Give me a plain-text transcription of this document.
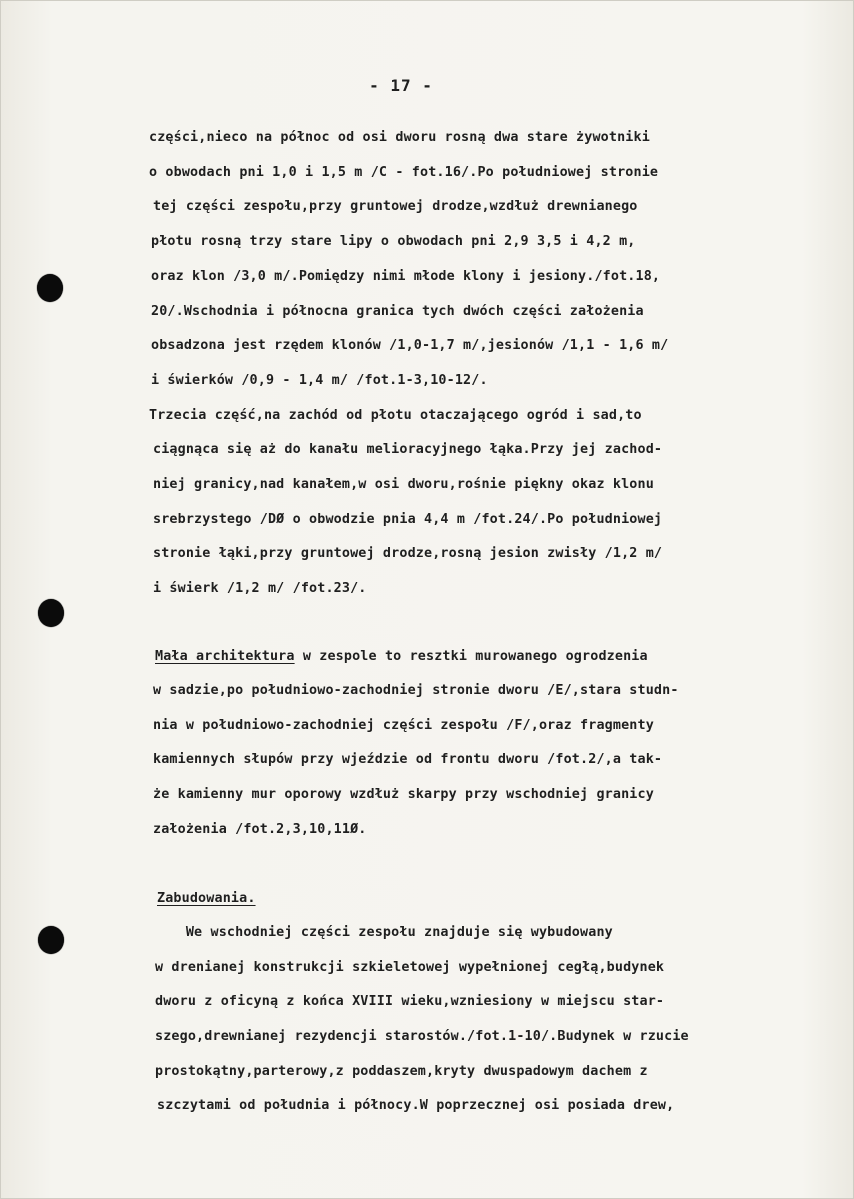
- 17 -
części,nieco na północ od osi dworu rosną dwa stare żywotniki
o obwodach pni 1,0 i 1,5 m /C - fot.16/.Po południowej stronie
tej części zespołu,przy gruntowej drodze,wzdłuż drewnianego
płotu rosną trzy stare lipy o obwodach pni 2,9 3,5 i 4,2 m,
oraz klon /3,0 m/.Pomiędzy nimi młode klony i jesiony./fot.18,
20/.Wschodnia i północna granica tych dwóch części założenia
obsadzona jest rzędem klonów /1,0-1,7 m/,jesionów /1,1 - 1,6 m/
i świerków /0,9 - 1,4 m/ /fot.1-3,10-12/.
Trzecia część,na zachód od płotu otaczającego ogród i sad,to
ciągnąca się aż do kanału melioracyjnego łąka.Przy jej zachod-
niej granicy,nad kanałem,w osi dworu,rośnie piękny okaz klonu
srebrzystego /DØ o obwodzie pnia 4,4 m /fot.24/.Po południowej
stronie łąki,przy gruntowej drodze,rosną jesion zwisły /1,2 m/
i świerk /1,2 m/ /fot.23/.
Mała architektura w zespole to resztki murowanego ogrodzenia
w sadzie,po południowo-zachodniej stronie dworu /E/,stara studn-
nia w południowo-zachodniej części zespołu /F/,oraz fragmenty
kamiennych słupów przy wjeździe od frontu dworu /fot.2/,a tak-
że kamienny mur oporowy wzdłuż skarpy przy wschodniej granicy
założenia /fot.2,3,10,11Ø.
Zabudowania.
We wschodniej części zespołu znajduje się wybudowany
w drenianej konstrukcji szkieletowej wypełnionej cegłą,budynek
dworu z oficyną z końca XVIII wieku,wzniesiony w miejscu star-
szego,drewnianej rezydencji starostów./fot.1-10/.Budynek w rzucie
prostokątny,parterowy,z poddaszem,kryty dwuspadowym dachem z
szczytami od południa i północy.W poprzecznej osi posiada drew,
